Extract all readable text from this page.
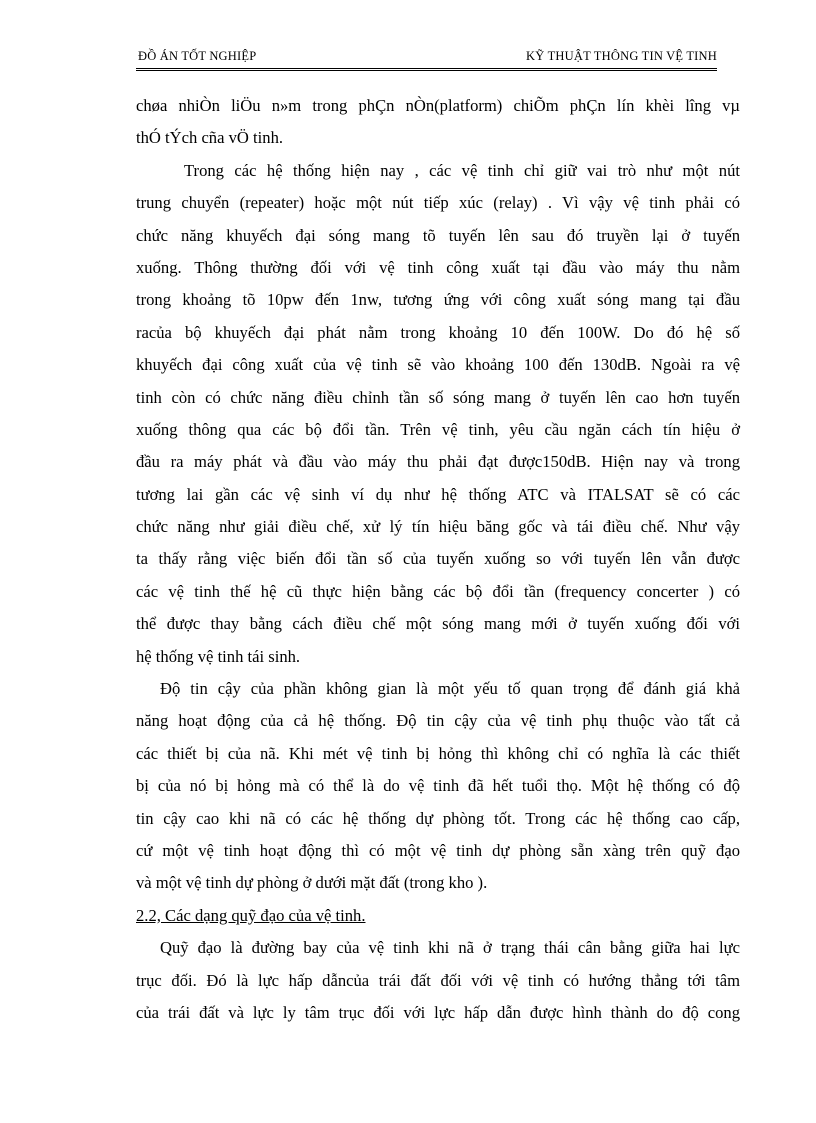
ĐỒ ÁN TỐT NGHIỆP	KỸ THUẬT THÔNG TIN VỆ TINH
chøa nhiÒn liÖu n»m trong phÇn nÒn(platform) chiÕm phÇn lín khèi lîng vµ
thÓ tÝch cña vÖ tinh.
Trong các hệ thống hiện nay , các vệ tinh chỉ giữ vai trò như một nút
trung chuyển (repeater) hoặc một nút tiếp xúc (relay) . Vì vậy vệ tinh phải có
chức năng khuyếch đại sóng mang tõ tuyến lên sau đó truyền lại ở tuyến
xuống. Thông thường đối với vệ tinh công xuất tại đầu vào máy thu nằm
trong khoảng tõ 10pw đến 1nw, tương ứng với công xuất sóng mang tại đầu
racủa bộ khuyếch đại phát nằm trong khoảng 10 đến 100W. Do đó hệ số
khuyếch đại công xuất của vệ tinh sẽ vào khoảng 100 đến 130dB. Ngoài ra vệ
tinh còn có chức năng điều chỉnh tần số sóng mang ở tuyến lên cao hơn tuyến
xuống thông qua các bộ đổi tần. Trên vệ tinh, yêu cầu ngăn cách tín hiệu ở
đầu ra máy phát và đầu vào máy thu phải đạt được150dB. Hiện nay và trong
tương lai gần các vệ sinh ví dụ như hệ thống ATC và ITALSAT sẽ có các
chức năng như giải điều chế, xử lý tín hiệu băng gốc và tái điều chế. Như vậy
ta thấy rằng việc biến đổi tần số của tuyến xuống so với tuyến lên vẫn được
các vệ tinh thế hệ cũ thực hiện bằng các bộ đổi tần (frequency concerter ) có
thể được thay bằng cách điều chế một sóng mang mới ở tuyến xuống đối với
hệ thống vệ tinh tái sinh.
Độ tin cậy của phần không gian là một yếu tố quan trọng để đánh giá khả
năng hoạt động của cả hệ thống. Độ tin cậy của vệ tinh phụ thuộc vào tất cả
các thiết bị của nã. Khi mét vệ tinh bị hỏng thì không chỉ có nghĩa là các thiết
bị của nó bị hỏng mà có thể là do vệ tinh đã hết tuổi thọ. Một hệ thống có độ
tin cậy cao khi nã có các hệ thống dự phòng tốt. Trong các hệ thống cao cấp,
cứ một vệ tinh hoạt động thì có một vệ tinh dự phòng sẵn xàng trên quỹ đạo
và một vệ tinh dự phòng ở dưới mặt đất (trong kho ).
2.2, Các dạng quỹ đạo của vệ tinh.
Quỹ đạo là đường bay của vệ tinh khi nã ở trạng thái cân bằng giữa hai lực
trục đối. Đó là lực hấp dẫncủa trái đất đối với vệ tinh có hướng thẳng tới tâm
của trái đất và lực ly tâm trục đối với lực hấp dẫn được hình thành do độ cong
